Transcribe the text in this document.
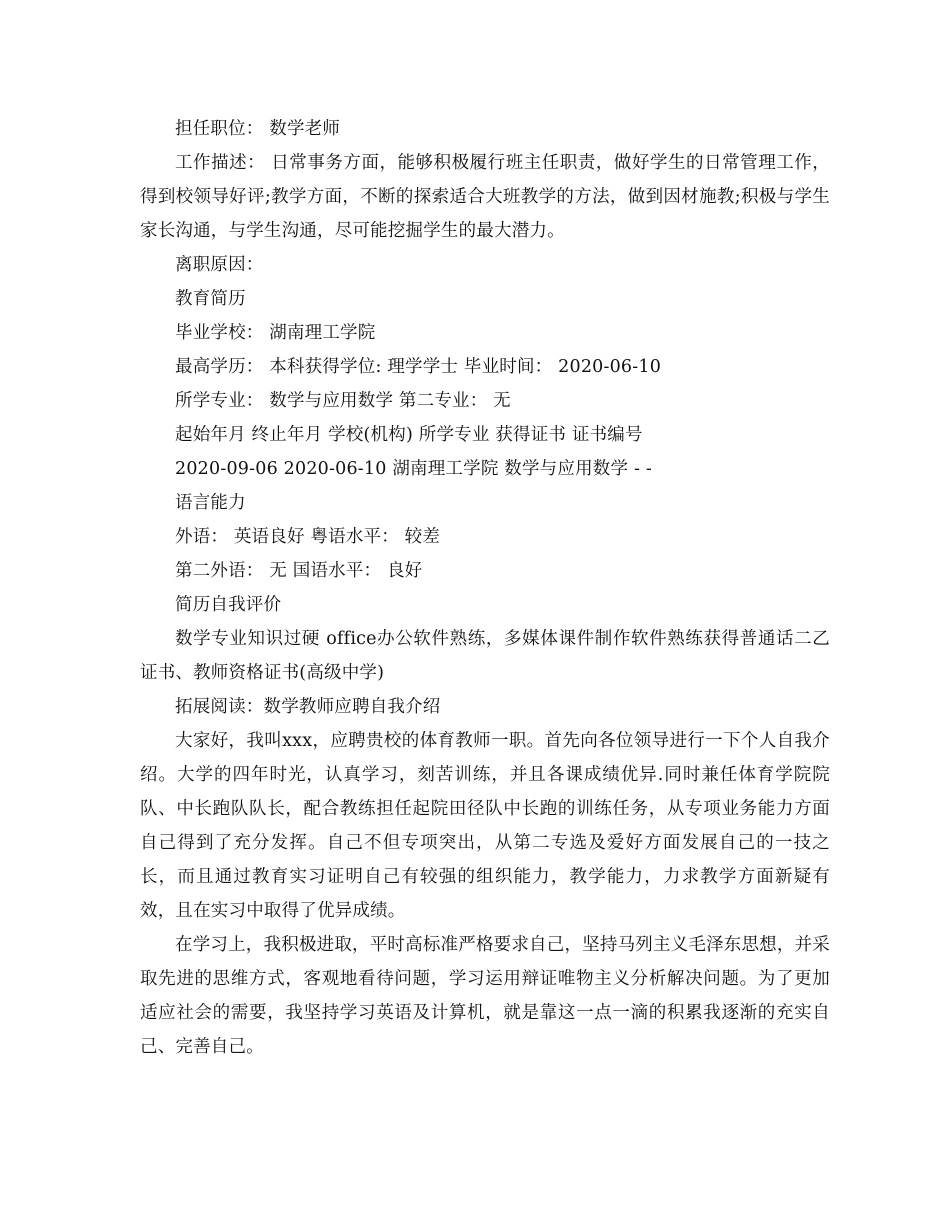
担任职位： 数学老师

工作描述： 日常事务方面，能够积极履行班主任职责，做好学生的日常管理工作，得到校领导好评;教学方面，不断的探索适合大班教学的方法，做到因材施教;积极与学生家长沟通，与学生沟通，尽可能挖掘学生的最大潜力。

离职原因：

教育简历

毕业学校： 湖南理工学院

最高学历： 本科获得学位: 理学学士 毕业时间： 2020-06-10

所学专业： 数学与应用数学 第二专业： 无

起始年月 终止年月 学校(机构) 所学专业 获得证书 证书编号

2020-09-06 2020-06-10 湖南理工学院 数学与应用数学 - -

语言能力

外语： 英语良好 粤语水平： 较差

第二外语： 无 国语水平： 良好

简历自我评价

数学专业知识过硬 office办公软件熟练，多媒体课件制作软件熟练获得普通话二乙证书、教师资格证书(高级中学)

拓展阅读：数学教师应聘自我介绍

大家好，我叫xxx，应聘贵校的体育教师一职。首先向各位领导进行一下个人自我介绍。大学的四年时光，认真学习，刻苦训练，并且各课成绩优异.同时兼任体育学院院队、中长跑队队长，配合教练担任起院田径队中长跑的训练任务，从专项业务能力方面自己得到了充分发挥。自己不但专项突出，从第二专选及爱好方面发展自己的一技之长，而且通过教育实习证明自己有较强的组织能力，教学能力，力求教学方面新疑有效，且在实习中取得了优异成绩。

在学习上，我积极进取，平时高标准严格要求自己，坚持马列主义毛泽东思想，并采取先进的思维方式，客观地看待问题，学习运用辩证唯物主义分析解决问题。为了更加适应社会的需要，我坚持学习英语及计算机，就是靠这一点一滴的积累我逐渐的充实自己、完善自己。
